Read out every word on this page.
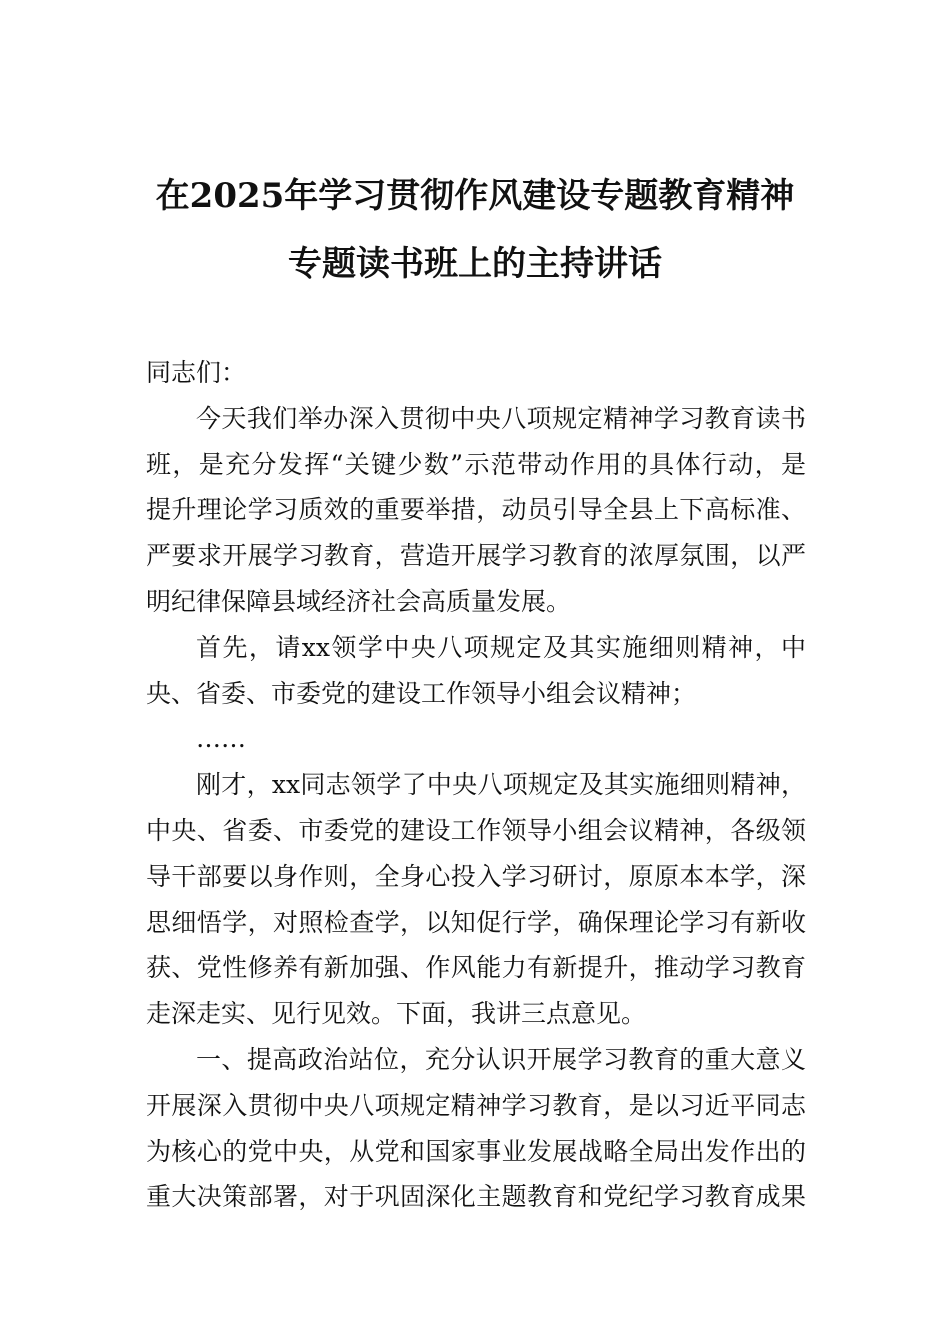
在2025年学习贯彻作风建设专题教育精神
专题读书班上的主持讲话
同志们：
今天我们举办深入贯彻中央八项规定精神学习教育读书
班，是充分发挥“关键少数”示范带动作用的具体行动，是
提升理论学习质效的重要举措，动员引导全县上下高标准、
严要求开展学习教育，营造开展学习教育的浓厚氛围，以严
明纪律保障县域经济社会高质量发展。
首先，请xx领学中央八项规定及其实施细则精神，中
央、省委、市委党的建设工作领导小组会议精神；
……
刚才，xx同志领学了中央八项规定及其实施细则精神，
中央、省委、市委党的建设工作领导小组会议精神，各级领
导干部要以身作则，全身心投入学习研讨，原原本本学，深
思细悟学，对照检查学，以知促行学，确保理论学习有新收
获、党性修养有新加强、作风能力有新提升，推动学习教育
走深走实、见行见效。下面，我讲三点意见。
一、提高政治站位，充分认识开展学习教育的重大意义
开展深入贯彻中央八项规定精神学习教育，是以习近平同志
为核心的党中央，从党和国家事业发展战略全局出发作出的
重大决策部署，对于巩固深化主题教育和党纪学习教育成果
